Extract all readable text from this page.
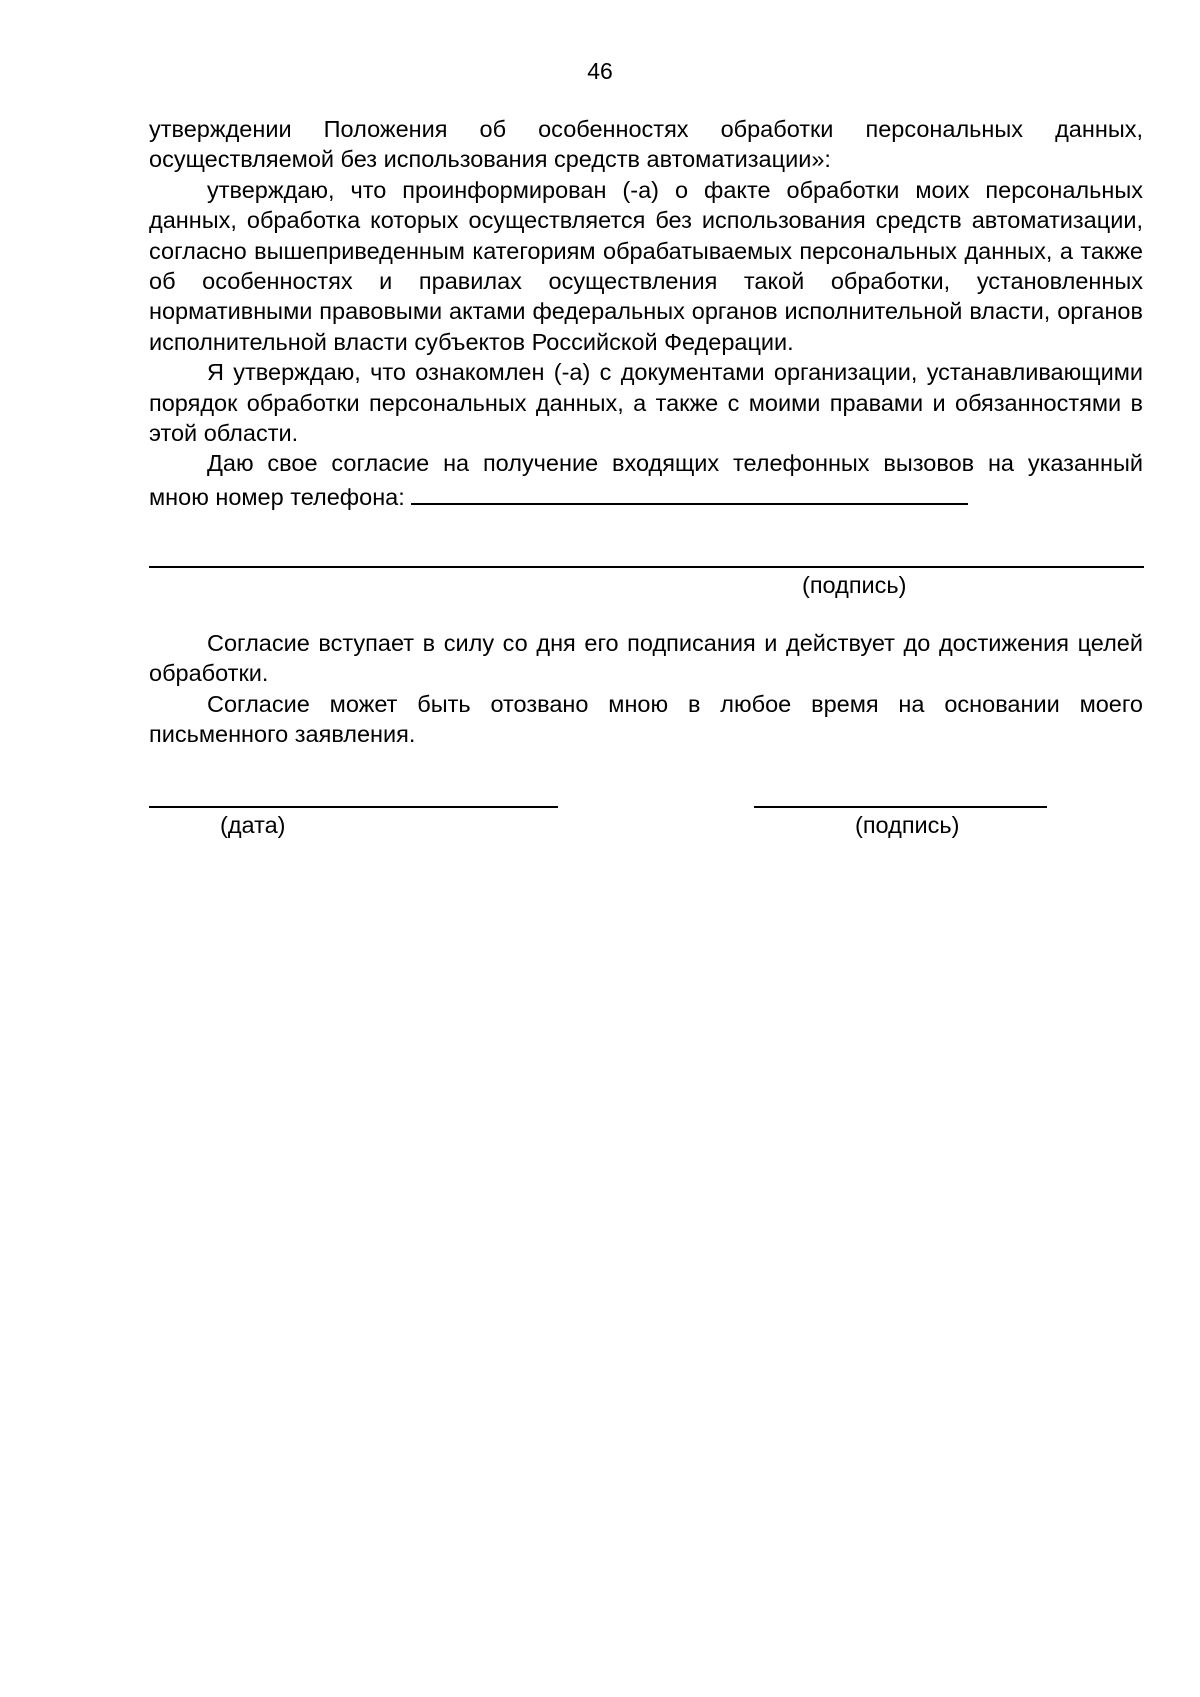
46

утверждении Положения об особенностях обработки персональных данных, осуществляемой без использования средств автоматизации»:

утверждаю, что проинформирован (-а) о факте обработки моих персональных данных, обработка которых осуществляется без использования средств автоматизации, согласно вышеприведенным категориям обрабатываемых персональных данных, а также об особенностях и правилах осуществления такой обработки, установленных нормативными правовыми актами федеральных органов исполнительной власти, органов исполнительной власти субъектов Российской Федерации.

Я утверждаю, что ознакомлен (-а) с документами организации, устанавливающими порядок обработки персональных данных, а также с моими правами и обязанностями в этой области.

Даю свое согласие на получение входящих телефонных вызовов на указанный мною номер телефона:

(подпись)

Согласие вступает в силу со дня его подписания и действует до достижения целей обработки.

Согласие может быть отозвано мною в любое время на основании моего письменного заявления.

(дата)	(подпись)
